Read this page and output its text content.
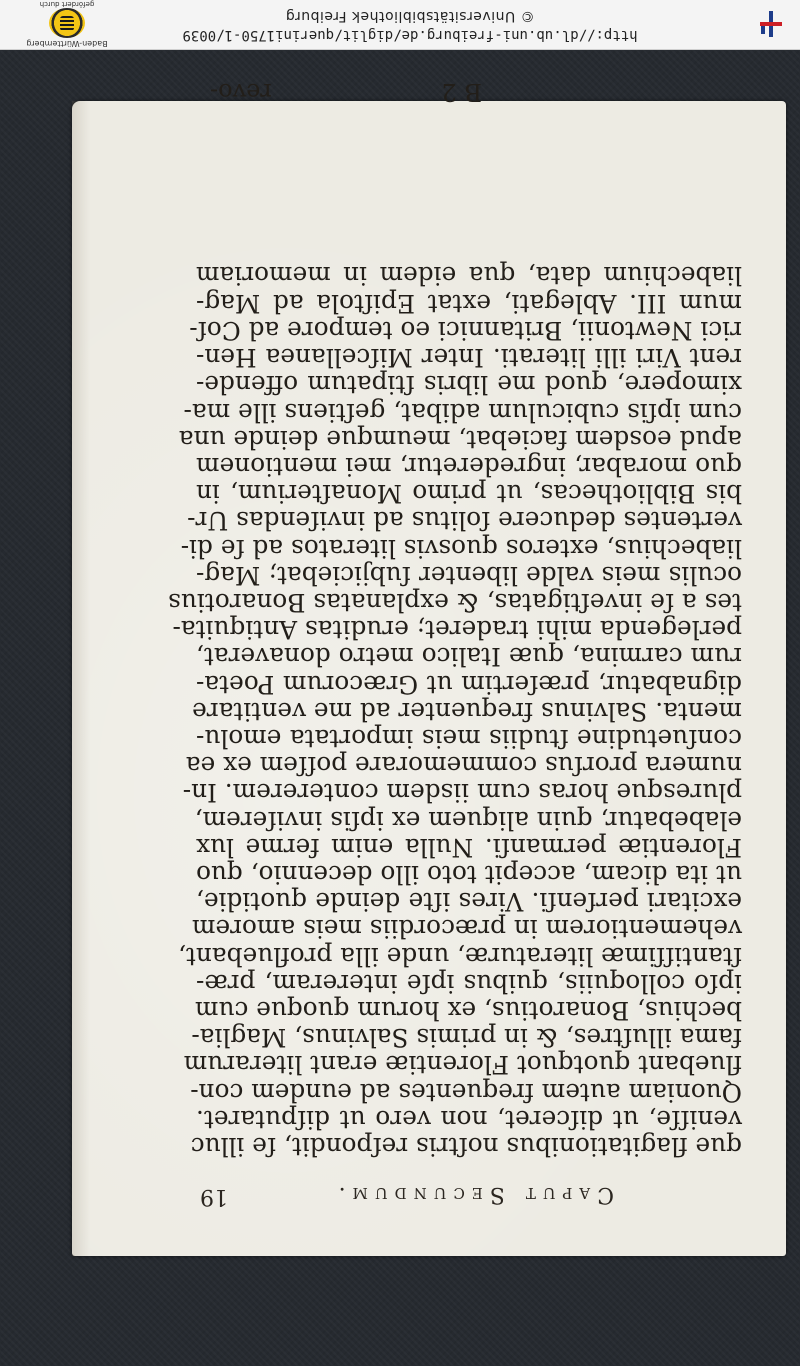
http://dl.ub.uni-freiburg.de/diglit/querini1750-1/0039
© Universitätsbibliothek Freiburg
Baden-Württemberg
gefördert durch
Caput Secundum.
19
que flagitationibus noſtris reſpondit, ſe illuc
veniſſe, ut diſceret, non vero ut diſputaret.
Quoniam autem frequentes ad eundem con-
fluebant quotquot Florentiæ erant literarum
fama illuſtres, & in primis Salvinus, Maglia-
bechius, Bonarotius, ex horum quoque cum
ipſo colloquiis, quibus ipſe intereram, præ-
ſtantiſſimæ literaturæ, unde illa profluebant,
vehementiorem in præcordiis meis amorem
excitari perſenſi. Vires iſte deinde quotidie,
ut ita dicam, accepit toto illo decennio, quo
Florentiæ permanſi. Nulla enim ferme lux
elabebatur, quin aliquem ex ipſis inviſerem,
pluresque horas cum iisdem contererem. In-
numera prorſus commemorare poſſem ex ea
conſuetudine ſtudiis meis importata emolu-
menta. Salvinus frequenter ad me ventitare
dignabatur, præſertim ut Græcorum Poeta-
rum carmina, quæ Italico metro donaverat,
perlegenda mihi traderet; eruditas Antiquita-
tes a ſe inveſtigatas, & explanatas Bonarotius
oculis meis valde libenter ſubjiciebat; Mag-
liabechius, exteros quosvis literatos ad ſe di-
vertentes deducere ſolitus ad inviſendas Ur-
bis Bibliothecas, ut primo Monaſterium, in
quo morabar, ingrederetur, mei mentionem
apud eosdem faciebat, meumque deinde una
cum ipſis cubiculum adibat, geſtiens ille ma-
ximopere, quod me libris ſtipatum offende-
rent Viri illi literati. Inter Miſcellanea Hen-
rici Newtonii, Britannici eo tempore ad Coſ-
mum III. Ablegati, extat Epiſtola ad Mag-
liabechium data, qua eidem in memoriam
B 2
revo-
